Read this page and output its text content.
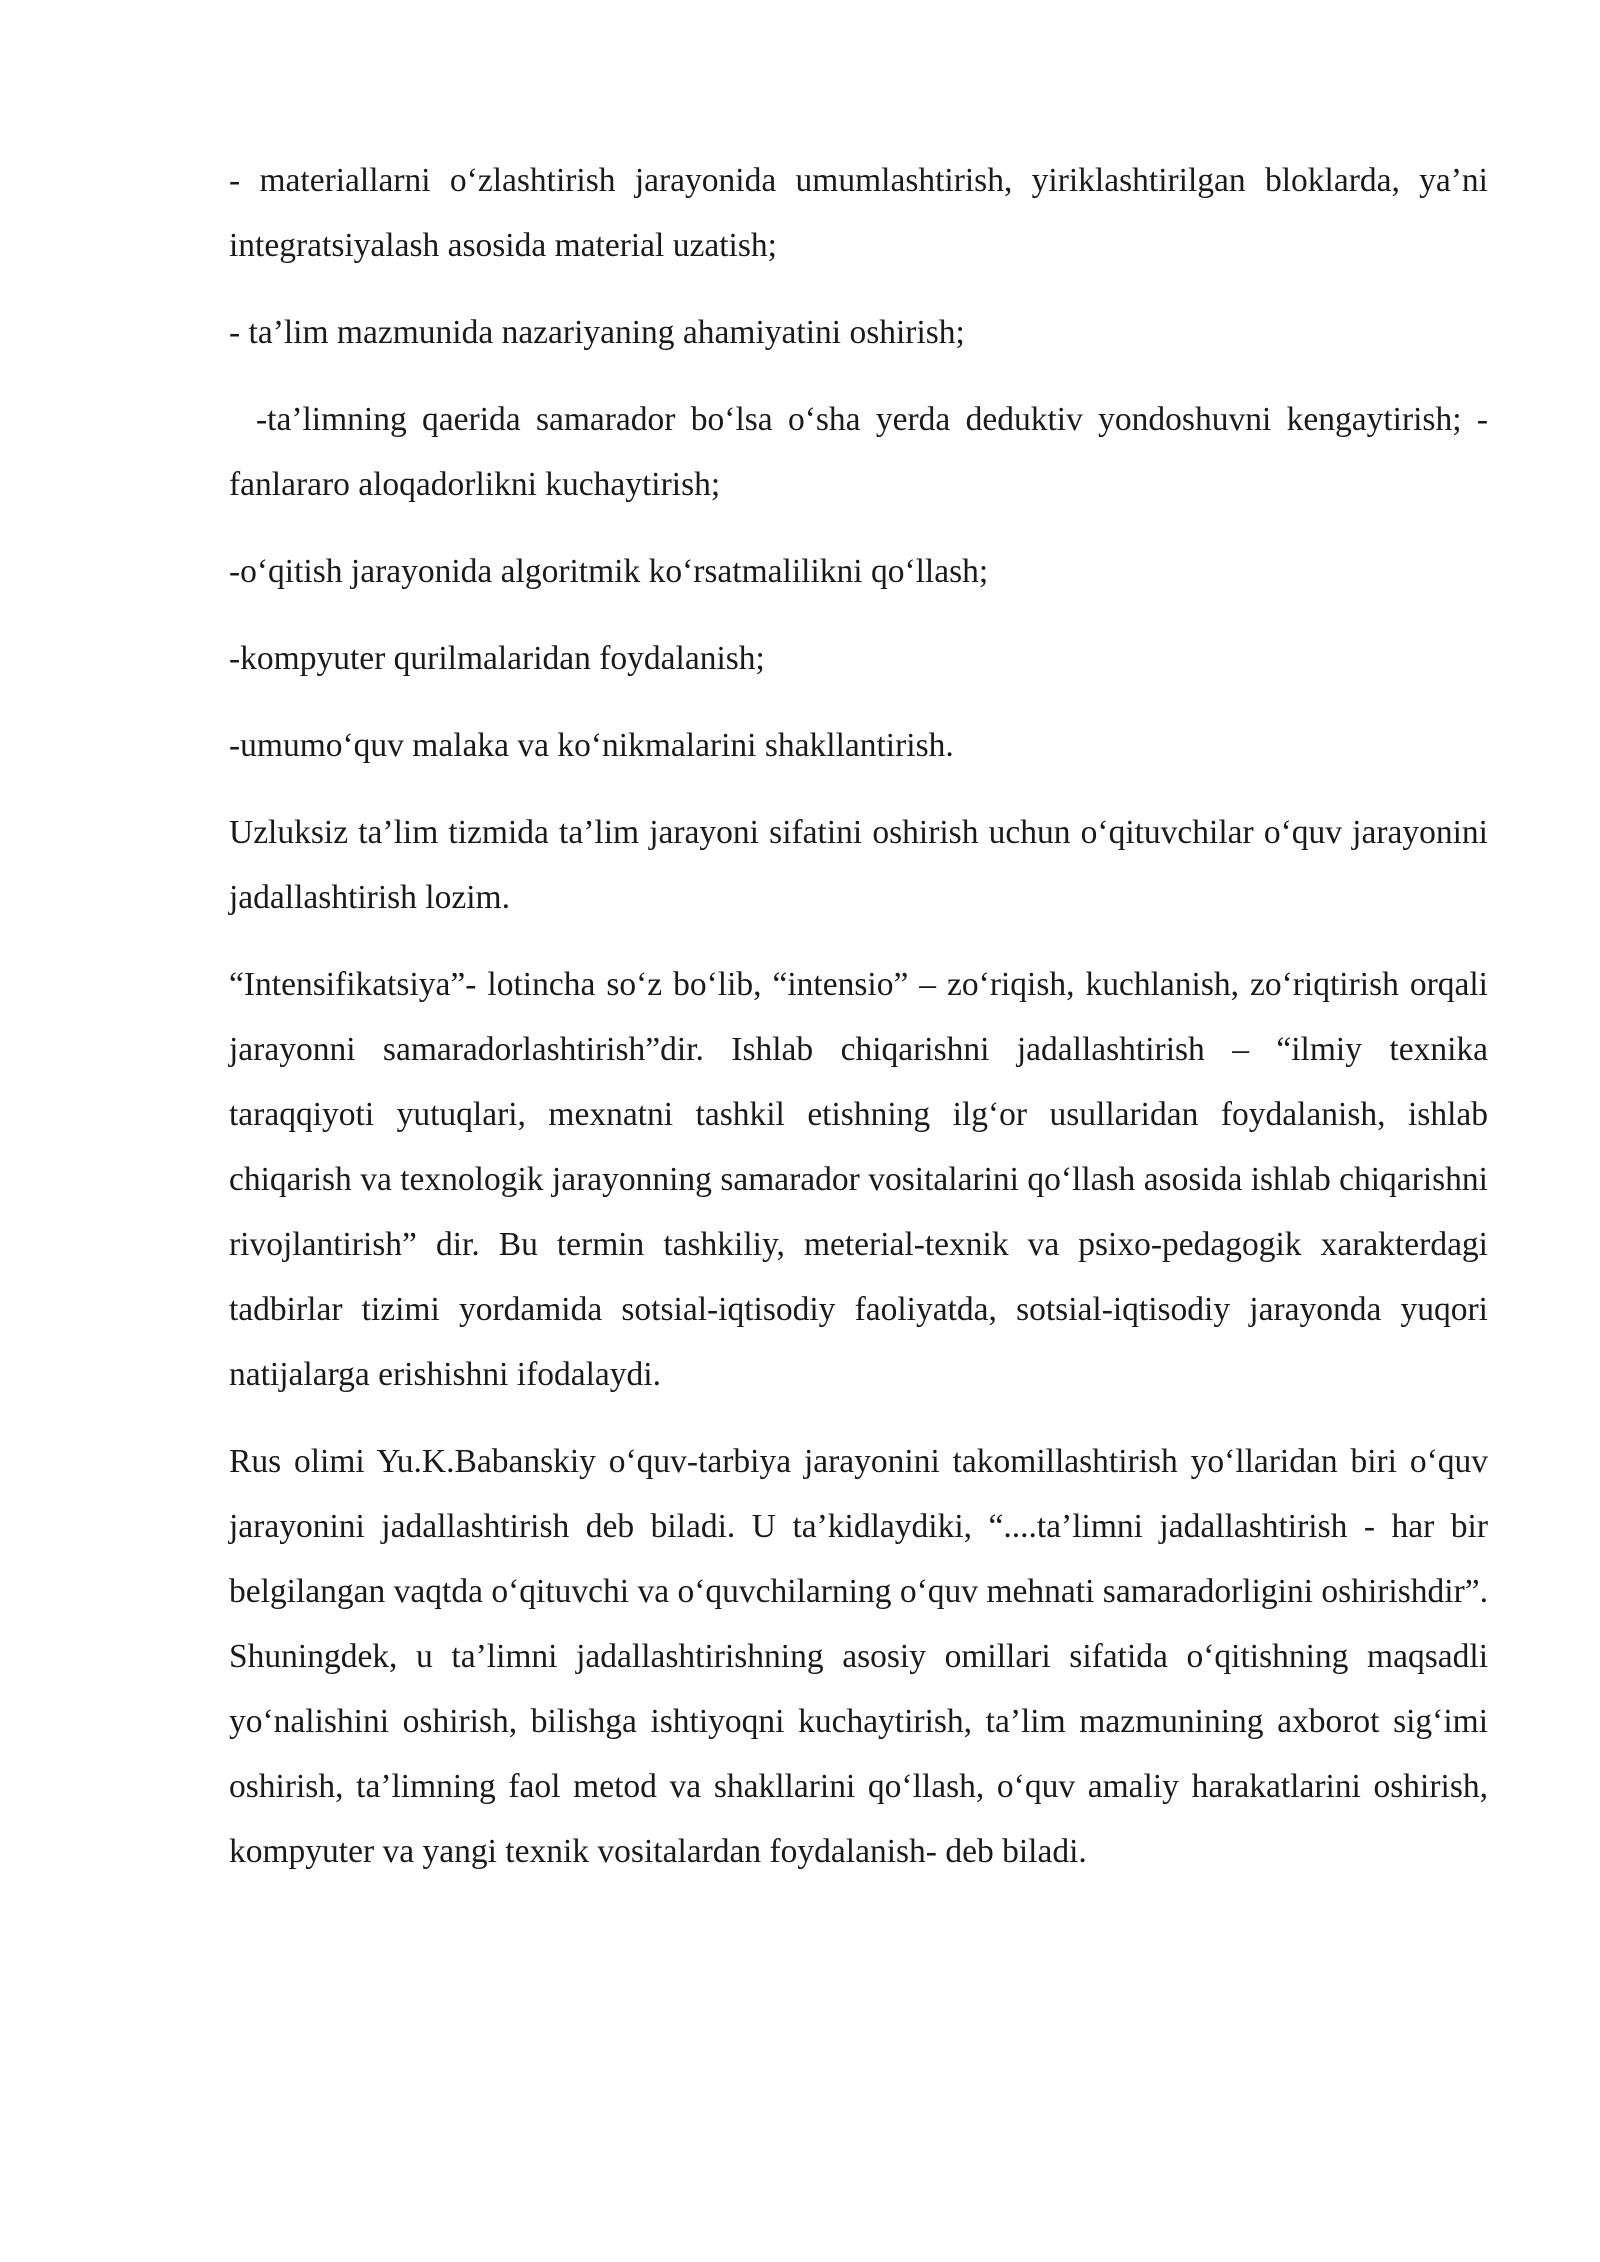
- materiallarni o‘zlashtirish jarayonida umumlashtirish, yiriklashtirilgan bloklarda, ya’ni integratsiyalash asosida material uzatish;

- ta’lim mazmunida nazariyaning ahamiyatini oshirish;

-ta’limning qaerida samarador bo‘lsa o‘sha yerda deduktiv yondoshuvni kengaytirish; -fanlararo aloqadorlikni kuchaytirish;

-o‘qitish jarayonida algoritmik ko‘rsatmalilikni qo‘llash;

-kompyuter qurilmalaridan foydalanish;

-umumo‘quv malaka va ko‘nikmalarini shakllantirish.

Uzluksiz ta’lim tizmida ta’lim jarayoni sifatini oshirish uchun o‘qituvchilar o‘quv jarayonini jadallashtirish lozim.

“Intensifikatsiya”- lotincha so‘z bo‘lib, “intensio” – zo‘riqish, kuchlanish, zo‘riqtirish orqali jarayonni samaradorlashtirish”dir. Ishlab chiqarishni jadallashtirish – “ilmiy texnika taraqqiyoti yutuqlari, mexnatni tashkil etishning ilg‘or usullaridan foydalanish, ishlab chiqarish va texnologik jarayonning samarador vositalarini qo‘llash asosida ishlab chiqarishni rivojlantirish” dir. Bu termin tashkiliy, meterial-texnik va psixo-pedagogik xarakterdagi tadbirlar tizimi yordamida sotsial-iqtisodiy faoliyatda, sotsial-iqtisodiy jarayonda yuqori natijalarga erishishni ifodalaydi.

Rus olimi Yu.K.Babanskiy o‘quv-tarbiya jarayonini takomillashtirish yo‘llaridan biri o‘quv jarayonini jadallashtirish deb biladi. U ta’kidlaydiki, “....ta’limni jadallashtirish - har bir belgilangan vaqtda o‘qituvchi va o‘quvchilarning o‘quv mehnati samaradorligini oshirishdir”. Shuningdek, u ta’limni jadallashtirishning asosiy omillari sifatida o‘qitishning maqsadli yo‘nalishini oshirish, bilishga ishtiyoqni kuchaytirish, ta’lim mazmunining axborot sig‘imi oshirish, ta’limning faol metod va shakllarini qo‘llash, o‘quv amaliy harakatlarini oshirish, kompyuter va yangi texnik vositalardan foydalanish- deb biladi.
